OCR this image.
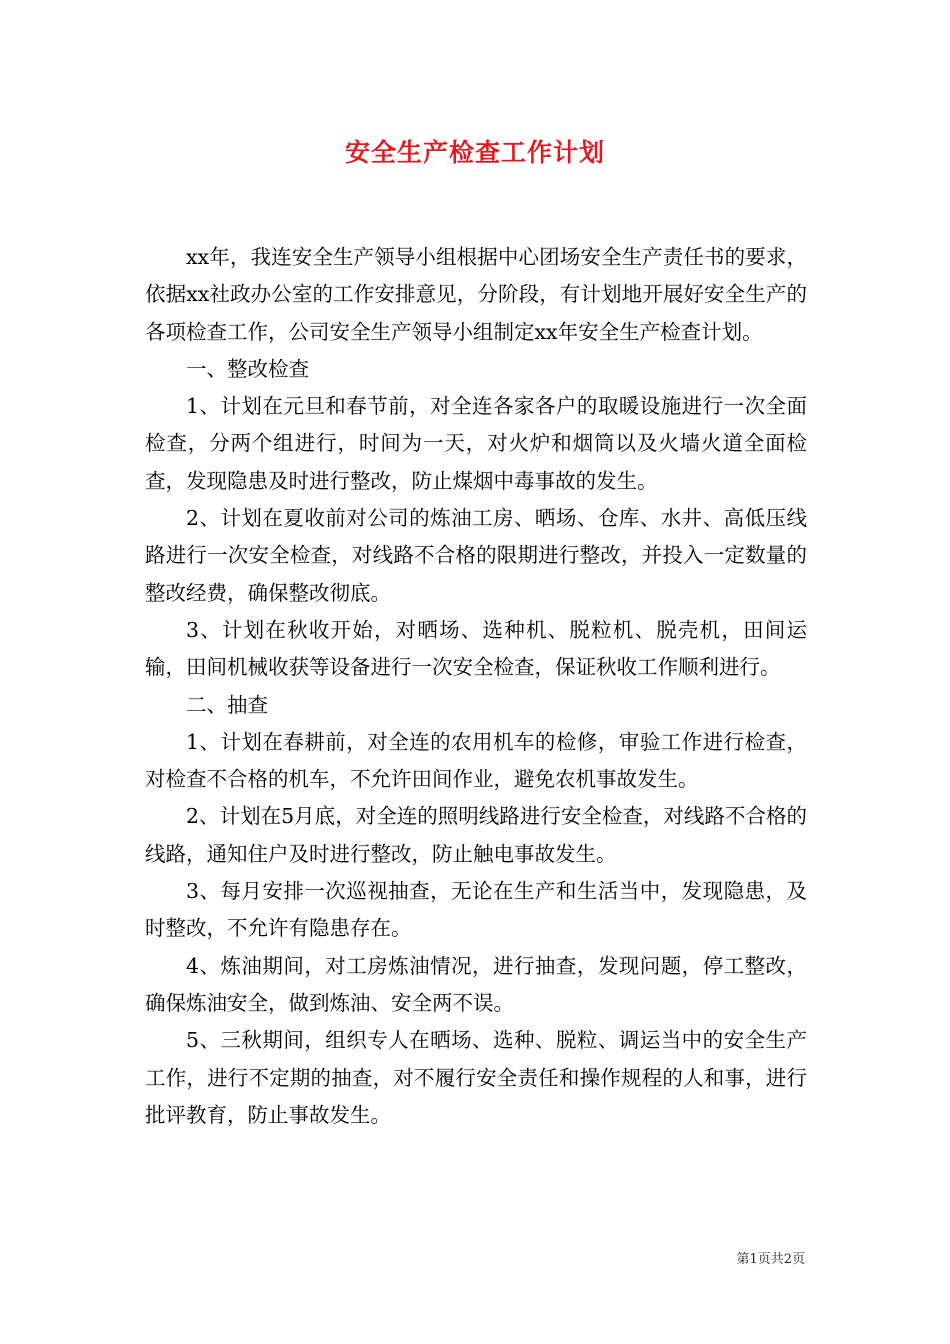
安全生产检查工作计划

xx年，我连安全生产领导小组根据中心团场安全生产责任书的要求，依据xx社政办公室的工作安排意见，分阶段，有计划地开展好安全生产的各项检查工作，公司安全生产领导小组制定xx年安全生产检查计划。

一、整改检查

1、计划在元旦和春节前，对全连各家各户的取暖设施进行一次全面检查，分两个组进行，时间为一天，对火炉和烟筒以及火墙火道全面检查，发现隐患及时进行整改，防止煤烟中毒事故的发生。

2、计划在夏收前对公司的炼油工房、晒场、仓库、水井、高低压线路进行一次安全检查，对线路不合格的限期进行整改，并投入一定数量的整改经费，确保整改彻底。

3、计划在秋收开始，对晒场、选种机、脱粒机、脱壳机，田间运输，田间机械收获等设备进行一次安全检查，保证秋收工作顺利进行。

二、抽查

1、计划在春耕前，对全连的农用机车的检修，审验工作进行检查，对检查不合格的机车，不允许田间作业，避免农机事故发生。

2、计划在5月底，对全连的照明线路进行安全检查，对线路不合格的线路，通知住户及时进行整改，防止触电事故发生。

3、每月安排一次巡视抽查，无论在生产和生活当中，发现隐患，及时整改，不允许有隐患存在。

4、炼油期间，对工房炼油情况，进行抽查，发现问题，停工整改，确保炼油安全，做到炼油、安全两不误。

5、三秋期间，组织专人在晒场、选种、脱粒、调运当中的安全生产工作，进行不定期的抽查，对不履行安全责任和操作规程的人和事，进行批评教育，防止事故发生。

第1页共2页
